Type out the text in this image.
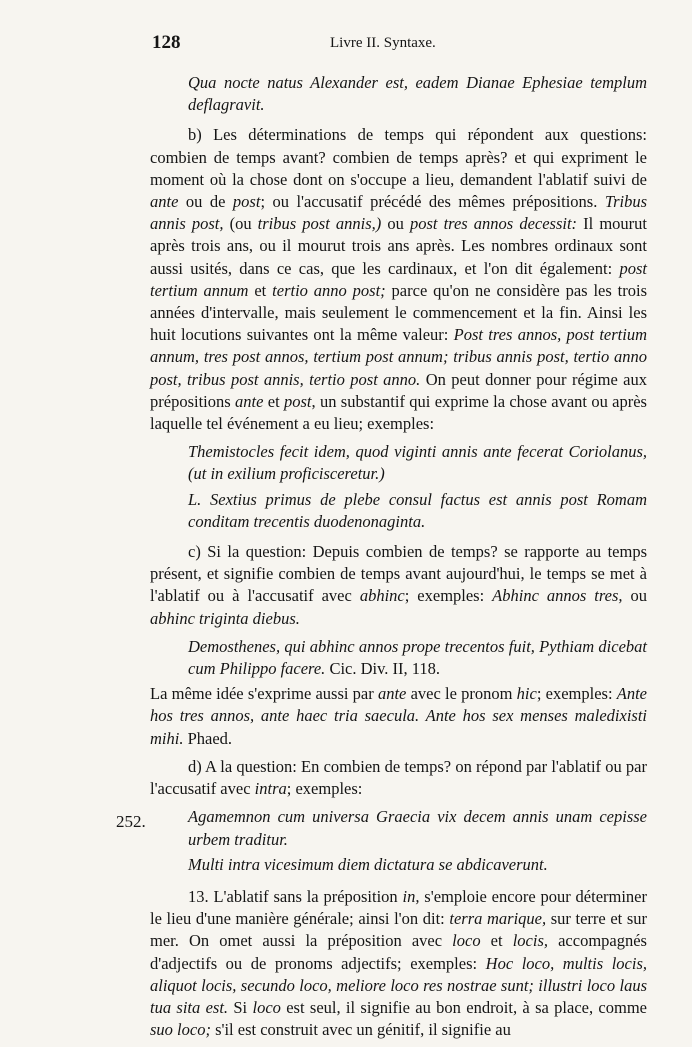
128	Livre II. Syntaxe.
252.

Qua nocte natus Alexander est, eadem Dianae Ephesiae templum deflagravit.

b) Les déterminations de temps qui répondent aux questions: combien de temps avant? combien de temps après? et qui expriment le moment où la chose dont on s'occupe a lieu, demandent l'ablatif suivi de ante ou de post; ou l'accusatif précédé des mêmes prépositions. Tribus annis post, (ou tribus post annis,) ou post tres annos decessit: Il mourut après trois ans, ou il mourut trois ans après. Les nombres ordinaux sont aussi usités, dans ce cas, que les cardinaux, et l'on dit également: post tertium annum et tertio anno post; parce qu'on ne considère pas les trois années d'intervalle, mais seulement le commencement et la fin. Ainsi les huit locutions suivantes ont la même valeur: Post tres annos, post tertium annum, tres post annos, tertium post annum; tribus annis post, tertio anno post, tribus post annis, tertio post anno. On peut donner pour régime aux prépositions ante et post, un substantif qui exprime la chose avant ou après laquelle tel événement a eu lieu; exemples:

Themistocles fecit idem, quod viginti annis ante fecerat Coriolanus, (ut in exilium proficisceretur.)

L. Sextius primus de plebe consul factus est annis post Romam conditam trecentis duodenonaginta.

c) Si la question: Depuis combien de temps? se rapporte au temps présent, et signifie combien de temps avant aujourd'hui, le temps se met à l'ablatif ou à l'accusatif avec abhinc; exemples: Abhinc annos tres, ou abhinc triginta diebus.

Demosthenes, qui abhinc annos prope trecentos fuit, Pythiam dicebat cum Philippo facere. Cic. Div. II, 118.

La même idée s'exprime aussi par ante avec le pronom hic; exemples: Ante hos tres annos, ante haec tria saecula. Ante hos sex menses maledixisti mihi. Phaed.

d) A la question: En combien de temps? on répond par l'ablatif ou par l'accusatif avec intra; exemples:

Agamemnon cum universa Graecia vix decem annis unam cepisse urbem traditur.

Multi intra vicesimum diem dictatura se abdicaverunt.

13. L'ablatif sans la préposition in, s'emploie encore pour déterminer le lieu d'une manière générale; ainsi l'on dit: terra marique, sur terre et sur mer. On omet aussi la préposition avec loco et locis, accompagnés d'adjectifs ou de pronoms adjectifs; exemples: Hoc loco, multis locis, aliquot locis, secundo loco, meliore loco res nostrae sunt; illustri loco laus tua sita est. Si loco est seul, il signifie au bon endroit, à sa place, comme suo loco; s'il est construit avec un génitif, il signifie au
